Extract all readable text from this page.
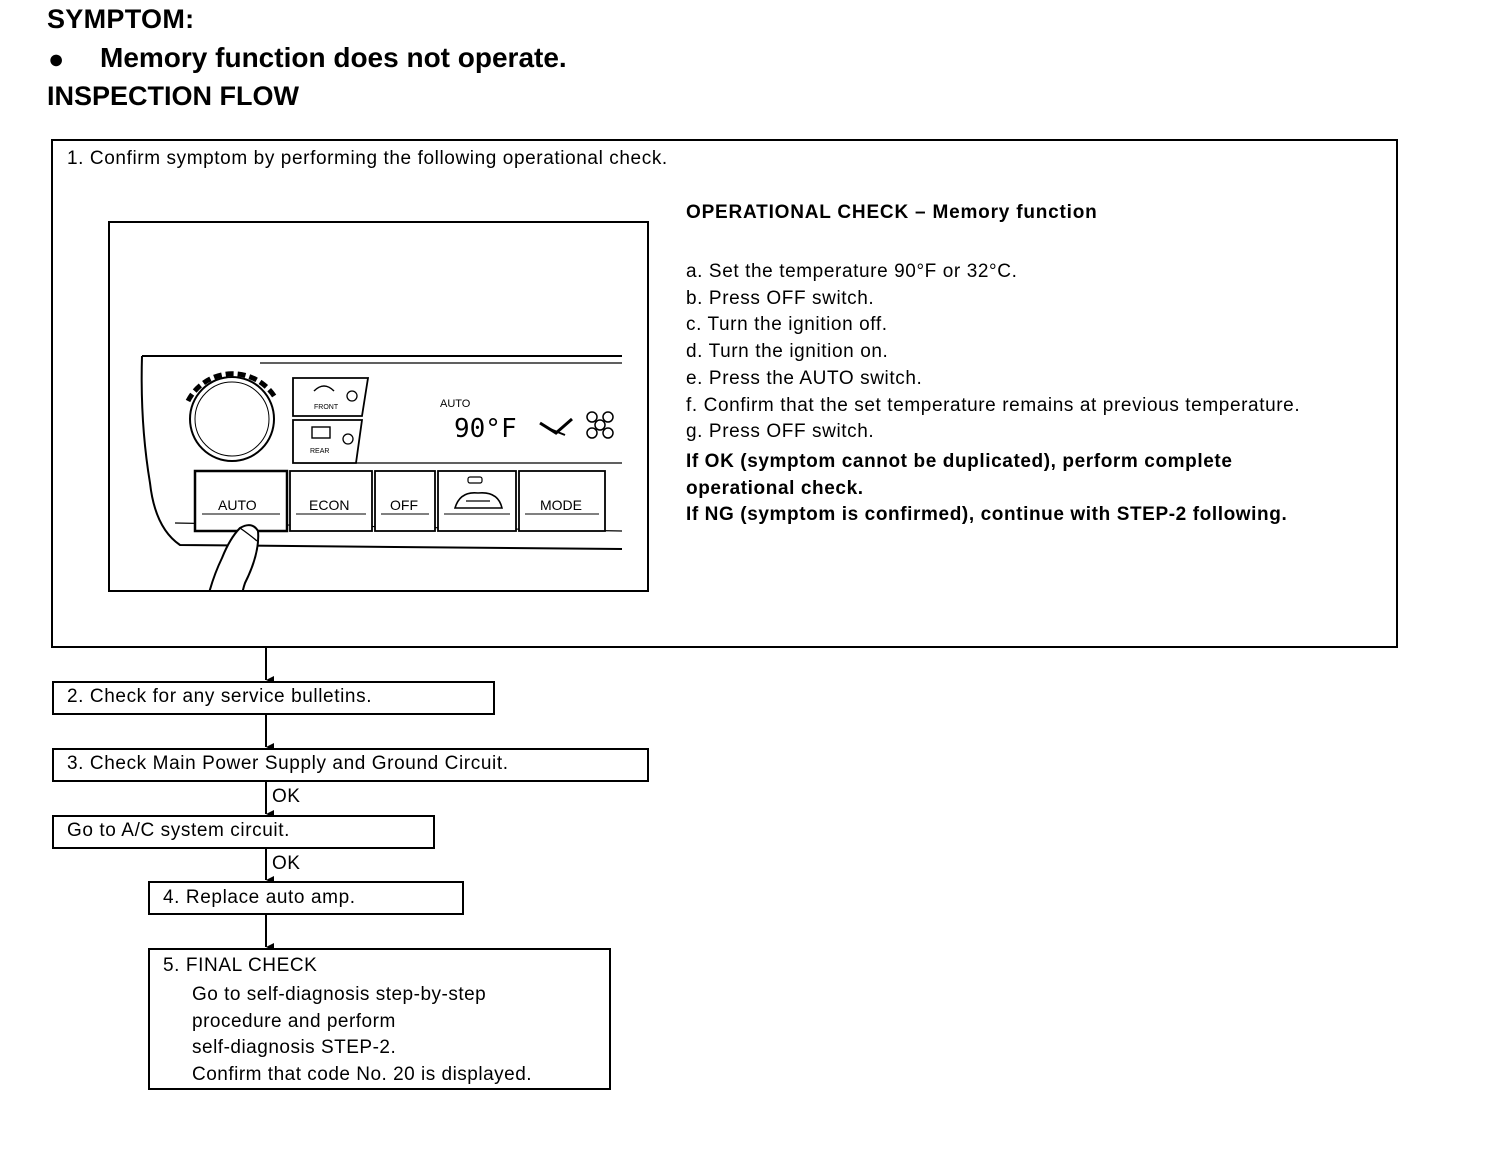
SYMPTOM:
● Memory function does not operate.
INSPECTION FLOW
1. Confirm symptom by performing the following operational check.
FRONT
REAR
AUTO
90°F
AUTO	ECON	OFF	MODE
OPERATIONAL CHECK – Memory function
a. Set the temperature 90°F or 32°C.
b. Press OFF switch.
c. Turn the ignition off.
d. Turn the ignition on.
e. Press the AUTO switch.
f. Confirm that the set temperature remains at previous temperature.
g. Press OFF switch.
If OK (symptom cannot be duplicated), perform complete
operational check.
If NG (symptom is confirmed), continue with STEP-2 following.
2. Check for any service bulletins.
3. Check Main Power Supply and Ground Circuit.
OK
Go to A/C system circuit.
OK
4. Replace auto amp.
5. FINAL CHECK
Go to self-diagnosis step-by-step
procedure and perform
self-diagnosis STEP-2.
Confirm that code No. 20 is displayed.
